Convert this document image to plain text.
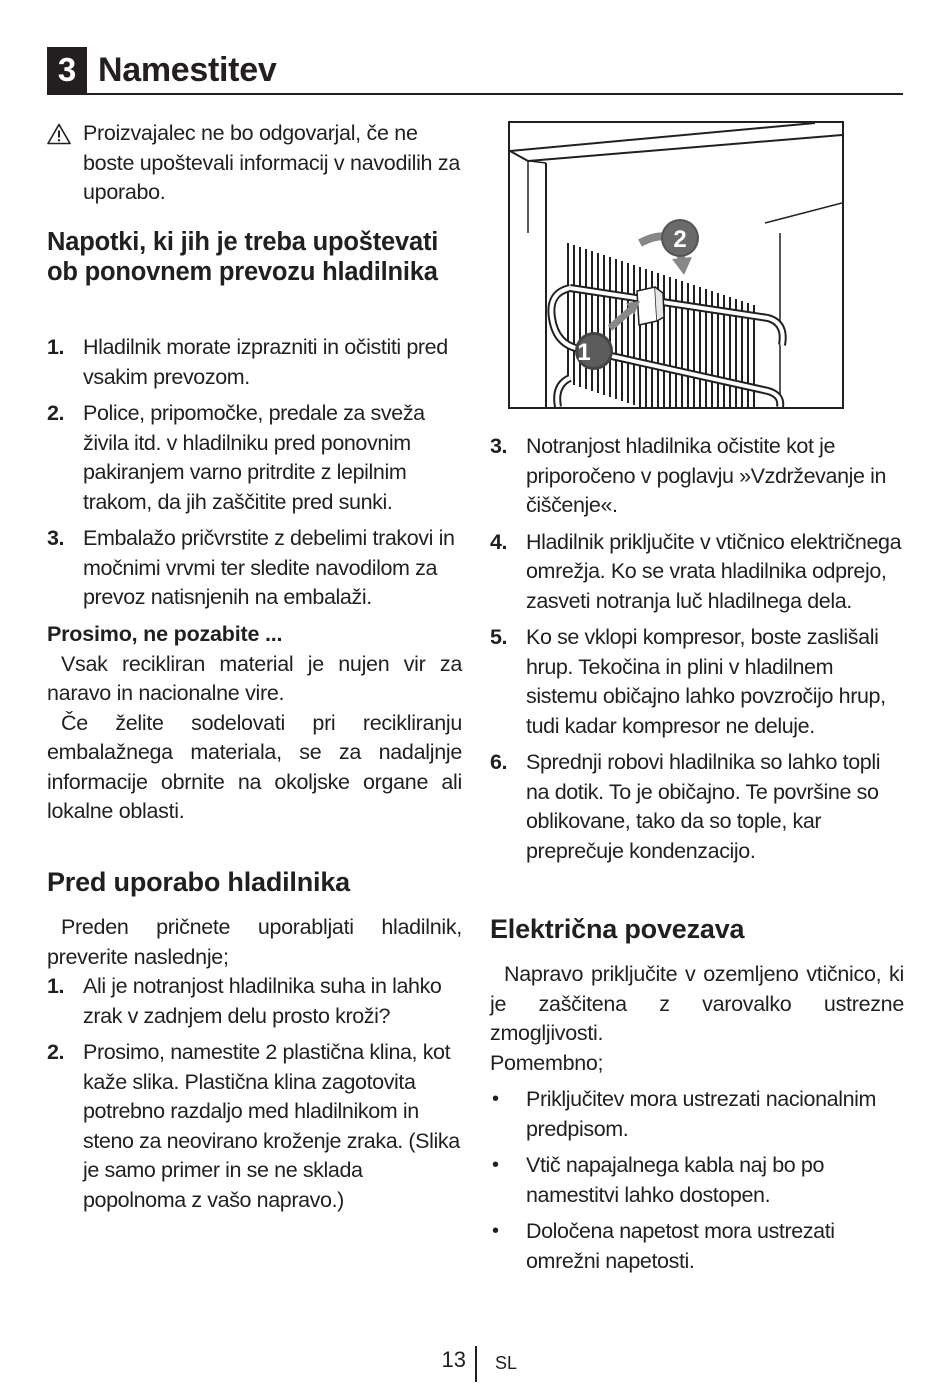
3 Namestitev

Proizvajalec ne bo odgovarjal, če ne boste upoštevali informacij v navodilih za uporabo.

Napotki, ki jih je treba upoštevati ob ponovnem prevozu hladilnika
1. Hladilnik morate izprazniti in očistiti pred vsakim prevozom.
2. Police, pripomočke, predale za sveža živila itd. v hladilniku pred ponovnim pakiranjem varno pritrdite z lepilnim trakom, da jih zaščitite pred sunki.
3. Embalažo pričvrstite z debelimi trakovi in močnimi vrvmi ter sledite navodilom za prevoz natisnjenih na embalaži.
Prosimo, ne pozabite ...

Vsak recikliran material je nujen vir za naravo in nacionalne vire.

Če želite sodelovati pri recikliranju embalažnega materiala, se za nadaljnje informacije obrnite na okoljske organe ali lokalne oblasti.

Pred uporabo hladilnika

Preden pričnete uporabljati hladilnik, preverite naslednje;

1. Ali je notranjost hladilnika suha in lahko zrak v zadnjem delu prosto kroži?
2. Prosimo, namestite 2 plastična klina, kot kaže slika. Plastična klina zagotovita potrebno razdaljo med hladilnikom in steno za neovirano kroženje zraka. (Slika je samo primer in se ne sklada popolnoma z vašo napravo.)
2
1
3. Notranjost hladilnika očistite kot je priporočeno v poglavju »Vzdrževanje in čiščenje«.
4. Hladilnik priključite v vtičnico električnega omrežja. Ko se vrata hladilnika odprejo, zasveti notranja luč hladilnega dela.
5. Ko se vklopi kompresor, boste zaslišali hrup. Tekočina in plini v hladilnem sistemu običajno lahko povzročijo hrup, tudi kadar kompresor ne deluje.
6. Sprednji robovi hladilnika so lahko topli na dotik. To je običajno. Te površine so oblikovane, tako da so tople, kar preprečuje kondenzacijo.
Električna povezava

Napravo priključite v ozemljeno vtičnico, ki je zaščitena z varovalko ustrezne zmogljivosti.

Pomembno;

• Priključitev mora ustrezati nacionalnim predpisom.
• Vtič napajalnega kabla naj bo po namestitvi lahko dostopen.
• Določena napetost mora ustrezati omrežni napetosti.
13 SL
